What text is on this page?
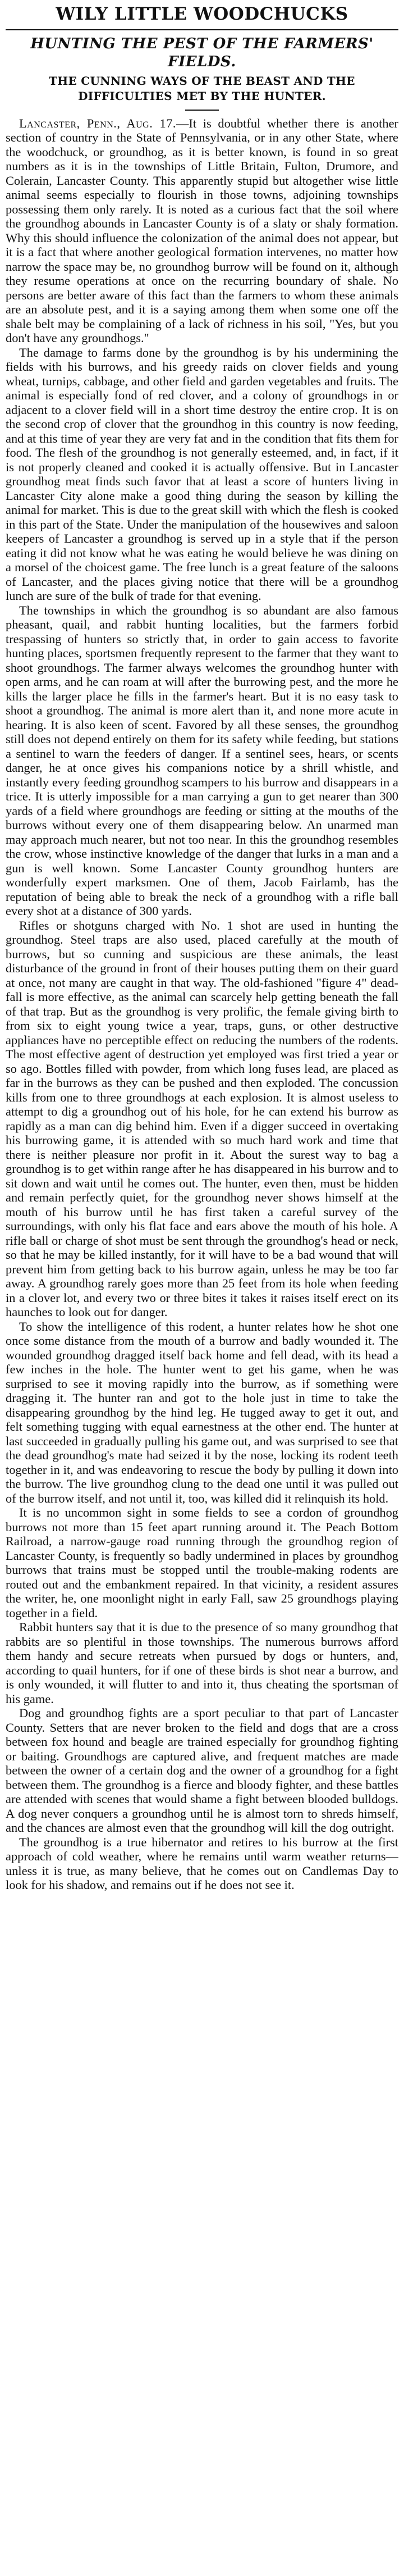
WILY LITTLE WOODCHUCKS
HUNTING THE PEST OF THE FARMERS' FIELDS.
THE CUNNING WAYS OF THE BEAST AND THE DIFFICULTIES MET BY THE HUNTER.

Lancaster, Penn., Aug. 17.—It is doubtful whether there is another section of country in the State of Pennsylvania, or in any other State, where the woodchuck, or groundhog, as it is better known, is found in so great numbers as it is in the townships of Little Britain, Fulton, Drumore, and Colerain, Lancaster County. This apparently stupid but altogether wise little animal seems especially to flourish in those towns, adjoining townships possessing them only rarely. It is noted as a curious fact that the soil where the groundhog abounds in Lancaster County is of a slaty or shaly formation. Why this should influence the colonization of the animal does not appear, but it is a fact that where another geological formation intervenes, no matter how narrow the space may be, no groundhog burrow will be found on it, although they resume operations at once on the recurring boundary of shale. No persons are better aware of this fact than the farmers to whom these animals are an absolute pest, and it is a saying among them when some one off the shale belt may be complaining of a lack of richness in his soil, "Yes, but you don't have any groundhogs."

The damage to farms done by the groundhog is by his undermining the fields with his burrows, and his greedy raids on clover fields and young wheat, turnips, cabbage, and other field and garden vegetables and fruits. The animal is especially fond of red clover, and a colony of groundhogs in or adjacent to a clover field will in a short time destroy the entire crop. It is on the second crop of clover that the groundhog in this country is now feeding, and at this time of year they are very fat and in the condition that fits them for food. The flesh of the groundhog is not generally esteemed, and, in fact, if it is not properly cleaned and cooked it is actually offensive. But in Lancaster groundhog meat finds such favor that at least a score of hunters living in Lancaster City alone make a good thing during the season by killing the animal for market. This is due to the great skill with which the flesh is cooked in this part of the State. Under the manipulation of the housewives and saloon keepers of Lancaster a groundhog is served up in a style that if the person eating it did not know what he was eating he would believe he was dining on a morsel of the choicest game. The free lunch is a great feature of the saloons of Lancaster, and the places giving notice that there will be a groundhog lunch are sure of the bulk of trade for that evening.

The townships in which the groundhog is so abundant are also famous pheasant, quail, and rabbit hunting localities, but the farmers forbid trespassing of hunters so strictly that, in order to gain access to favorite hunting places, sportsmen frequently represent to the farmer that they want to shoot groundhogs. The farmer always welcomes the groundhog hunter with open arms, and he can roam at will after the burrowing pest, and the more he kills the larger place he fills in the farmer's heart. But it is no easy task to shoot a groundhog. The animal is more alert than it, and none more acute in hearing. It is also keen of scent. Favored by all these senses, the groundhog still does not depend entirely on them for its safety while feeding, but stations a sentinel to warn the feeders of danger. If a sentinel sees, hears, or scents danger, he at once gives his companions notice by a shrill whistle, and instantly every feeding groundhog scampers to his burrow and disappears in a trice. It is utterly impossible for a man carrying a gun to get nearer than 300 yards of a field where groundhogs are feeding or sitting at the mouths of the burrows without every one of them disappearing below. An unarmed man may approach much nearer, but not too near. In this the groundhog resembles the crow, whose instinctive knowledge of the danger that lurks in a man and a gun is well known. Some Lancaster County groundhog hunters are wonderfully expert marksmen. One of them, Jacob Fairlamb, has the reputation of being able to break the neck of a groundhog with a rifle ball every shot at a distance of 300 yards.

Rifles or shotguns charged with No. 1 shot are used in hunting the groundhog. Steel traps are also used, placed carefully at the mouth of burrows, but so cunning and suspicious are these animals, the least disturbance of the ground in front of their houses putting them on their guard at once, not many are caught in that way. The old-fashioned "figure 4" dead-fall is more effective, as the animal can scarcely help getting beneath the fall of that trap. But as the groundhog is very prolific, the female giving birth to from six to eight young twice a year, traps, guns, or other destructive appliances have no perceptible effect on reducing the numbers of the rodents. The most effective agent of destruction yet employed was first tried a year or so ago. Bottles filled with powder, from which long fuses lead, are placed as far in the burrows as they can be pushed and then exploded. The concussion kills from one to three groundhogs at each explosion. It is almost useless to attempt to dig a groundhog out of his hole, for he can extend his burrow as rapidly as a man can dig behind him. Even if a digger succeed in overtaking his burrowing game, it is attended with so much hard work and time that there is neither pleasure nor profit in it. About the surest way to bag a groundhog is to get within range after he has disappeared in his burrow and to sit down and wait until he comes out. The hunter, even then, must be hidden and remain perfectly quiet, for the groundhog never shows himself at the mouth of his burrow until he has first taken a careful survey of the surroundings, with only his flat face and ears above the mouth of his hole. A rifle ball or charge of shot must be sent through the groundhog's head or neck, so that he may be killed instantly, for it will have to be a bad wound that will prevent him from getting back to his burrow again, unless he may be too far away. A groundhog rarely goes more than 25 feet from its hole when feeding in a clover lot, and every two or three bites it takes it raises itself erect on its haunches to look out for danger.

To show the intelligence of this rodent, a hunter relates how he shot one once some distance from the mouth of a burrow and badly wounded it. The wounded groundhog dragged itself back home and fell dead, with its head a few inches in the hole. The hunter went to get his game, when he was surprised to see it moving rapidly into the burrow, as if something were dragging it. The hunter ran and got to the hole just in time to take the disappearing groundhog by the hind leg. He tugged away to get it out, and felt something tugging with equal earnestness at the other end. The hunter at last succeeded in gradually pulling his game out, and was surprised to see that the dead groundhog's mate had seized it by the nose, locking its rodent teeth together in it, and was endeavoring to rescue the body by pulling it down into the burrow. The live groundhog clung to the dead one until it was pulled out of the burrow itself, and not until it, too, was killed did it relinquish its hold.

It is no uncommon sight in some fields to see a cordon of groundhog burrows not more than 15 feet apart running around it. The Peach Bottom Railroad, a narrow-gauge road running through the groundhog region of Lancaster County, is frequently so badly undermined in places by groundhog burrows that trains must be stopped until the trouble-making rodents are routed out and the embankment repaired. In that vicinity, a resident assures the writer, he, one moonlight night in early Fall, saw 25 groundhogs playing together in a field.

Rabbit hunters say that it is due to the presence of so many groundhog that rabbits are so plentiful in those townships. The numerous burrows afford them handy and secure retreats when pursued by dogs or hunters, and, according to quail hunters, for if one of these birds is shot near a burrow, and is only wounded, it will flutter to and into it, thus cheating the sportsman of his game.

Dog and groundhog fights are a sport peculiar to that part of Lancaster County. Setters that are never broken to the field and dogs that are a cross between fox hound and beagle are trained especially for groundhog fighting or baiting. Groundhogs are captured alive, and frequent matches are made between the owner of a certain dog and the owner of a groundhog for a fight between them. The groundhog is a fierce and bloody fighter, and these battles are attended with scenes that would shame a fight between blooded bulldogs. A dog never conquers a groundhog until he is almost torn to shreds himself, and the chances are almost even that the groundhog will kill the dog outright.

The groundhog is a true hibernator and retires to his burrow at the first approach of cold weather, where he remains until warm weather returns—unless it is true, as many believe, that he comes out on Candlemas Day to look for his shadow, and remains out if he does not see it.
